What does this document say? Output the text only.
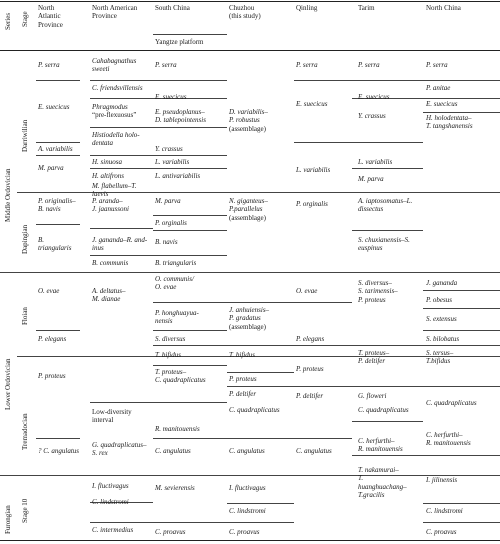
Series Stage
North
Atlantic
Province
North American
Province
South China
Yangtze platform
Chuzhou
(this study)
Qinling	Tarim	North China
Middle Ordovician
Lower Ordovician
Furongian
Darriwilian
Dapingian
Floian
Tremadocian
Stage 10
P. serra
E. suecicus
A. variabilis
M. parva
P. originalis–
B. navis
B.
triangularis
O. evae
P. elegans
P. proteus
? C. angulatus
Cahabagnathus
sweeti
C. friendsvillensis
Phragmodus
“pre-flexuosus”
Histiodella holo-
dentata
H. sinuosa
H. altifrons
M. flabellum–T.
laevis
P. aranda–
J. jaanussoni
J. gananda–R. and-
inus
B. communis
A. deltatus–
M. dianae
Low-diversity
interval
G. quadraplicatus–
S. rex
I. fluctivagus
C. lindstromi
C. intermedius
P. serra
E. suecicus
E. pseudoplanus–
D. tablepointensis
Y. crassus
L. variabilis
L. antivariabilis
M. parva
P. orginalis
B. navis
B. triangularis
O. communis/
O. evae
P. honghuayua-
nensis
S. diversus
T. bifidus
T. proteus–
C. quadraplicatus
R. manitouensis
C. angulatus
M. sevierensis
C. proavus
D. variabilis–
P. robustus
(assemblage)
N. giganteus–
P.parallelus
(assemblage)
J. anhuiensis–
P. gradatus
(assemblage)
T. bifidus
P. proteus
P. deltifer
C. quadraplicatus
C. angulatus
I. fluctivagus
C. lindstromi
C. proavus
P. serra
E. suecicus
L. variabilis
P. orginalis
O. evae
P. elegans
P. proteus
P. deltifer
C. angulatus
P. serra
E. suecicus
Y. crassus
L. variabilis
M. parva
A. iaptosomatus–L.
dissectus
S. chuxianensis–S.
euspinus
S. diversus–
S. tarimensis–
P. proteus
T. proteus–
P. deltifer
G. floweri
C. quadraplicatus
C. herfurthi–
R. manitouensis
T. nakamurai–
T.
huanghuachang–
T.gracilis
P. serra
P. anitae
E. suecicus
H. holodentata–
T. tangshanensis
J. gananda
P. obesus
S. extensus
S. bilobatus
S. tersus–
T.bifidus
C. quadraplicatus
C. herfurthi–
R. manitouensis
I. jilinensis
C. lindstromi
C. proavus
